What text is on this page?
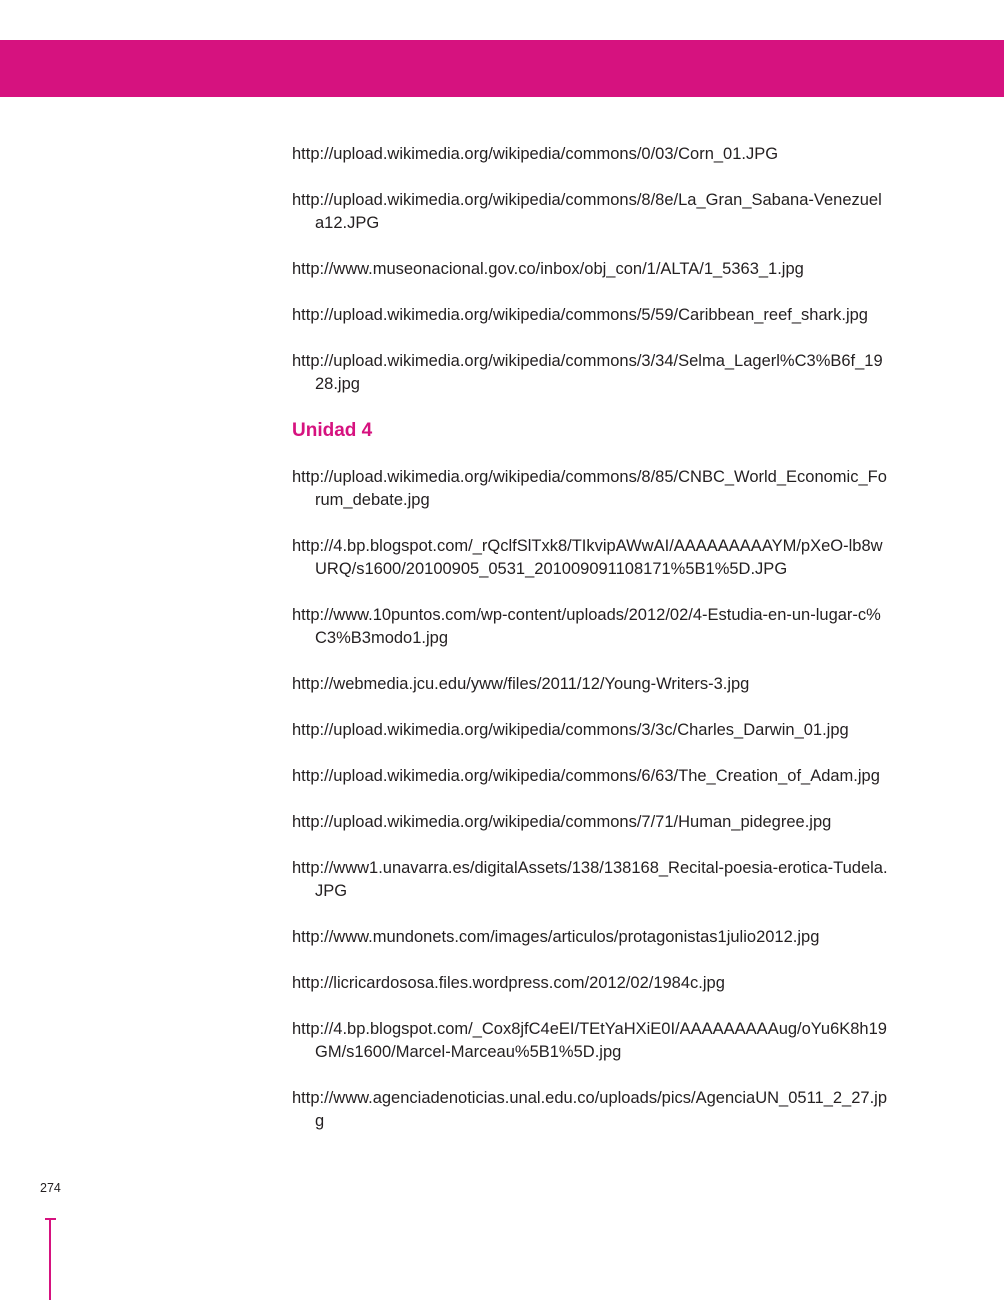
http://upload.wikimedia.org/wikipedia/commons/0/03/Corn_01.JPG

http://upload.wikimedia.org/wikipedia/commons/8/8e/La_Gran_Sabana-Venezuela12.JPG

http://www.museonacional.gov.co/inbox/obj_con/1/ALTA/1_5363_1.jpg

http://upload.wikimedia.org/wikipedia/commons/5/59/Caribbean_reef_shark.jpg

http://upload.wikimedia.org/wikipedia/commons/3/34/Selma_Lagerl%C3%B6f_1928.jpg

Unidad 4

http://upload.wikimedia.org/wikipedia/commons/8/85/CNBC_World_Economic_Forum_debate.jpg

http://4.bp.blogspot.com/_rQclfSlTxk8/TIkvipAWwAI/AAAAAAAAAYM/pXeO-lb8wURQ/s1600/20100905_0531_201009091108171%5B1%5D.JPG

http://www.10puntos.com/wp-content/uploads/2012/02/4-Estudia-en-un-lugar-c%C3%B3modo1.jpg

http://webmedia.jcu.edu/yww/files/2011/12/Young-Writers-3.jpg

http://upload.wikimedia.org/wikipedia/commons/3/3c/Charles_Darwin_01.jpg

http://upload.wikimedia.org/wikipedia/commons/6/63/The_Creation_of_Adam.jpg

http://upload.wikimedia.org/wikipedia/commons/7/71/Human_pidegree.jpg

http://www1.unavarra.es/digitalAssets/138/138168_Recital-poesia-erotica-Tudela.JPG

http://www.mundonets.com/images/articulos/protagonistas1julio2012.jpg

http://licricardososa.files.wordpress.com/2012/02/1984c.jpg

http://4.bp.blogspot.com/_Cox8jfC4eEI/TEtYaHXiE0I/AAAAAAAAAug/oYu6K8h19GM/s1600/Marcel-Marceau%5B1%5D.jpg

http://www.agenciadenoticias.unal.edu.co/uploads/pics/AgenciaUN_0511_2_27.jpg

274
